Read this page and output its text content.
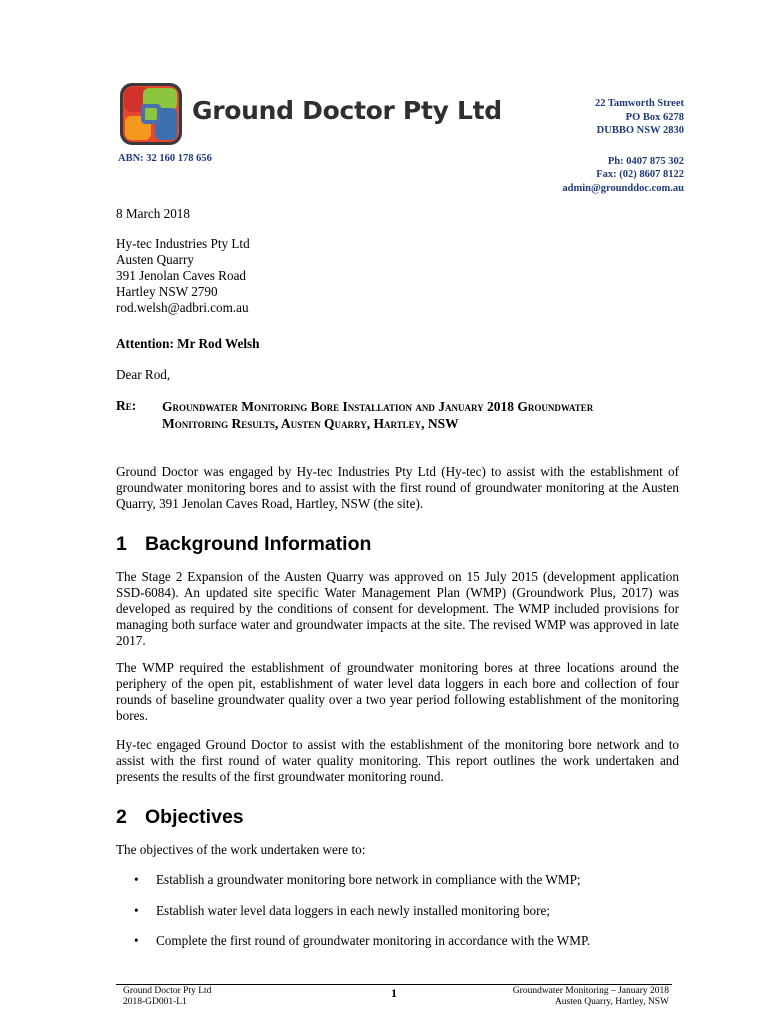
Ground Doctor Pty Ltd
ABN: 32 160 178 656
22 Tamworth Street
PO Box 6278
DUBBO NSW 2830
Ph: 0407 875 302
Fax: (02) 8607 8122
admin@grounddoc.com.au
8 March 2018
Hy-tec Industries Pty Ltd
Austen Quarry
391 Jenolan Caves Road
Hartley NSW 2790
rod.welsh@adbri.com.au
Attention: Mr Rod Welsh
Dear Rod,
Re: Groundwater Monitoring Bore Installation and January 2018 Groundwater Monitoring Results, Austen Quarry, Hartley, NSW
Ground Doctor was engaged by Hy-tec Industries Pty Ltd (Hy-tec) to assist with the establishment of groundwater monitoring bores and to assist with the first round of groundwater monitoring at the Austen Quarry, 391 Jenolan Caves Road, Hartley, NSW (the site).
1 Background Information
The Stage 2 Expansion of the Austen Quarry was approved on 15 July 2015 (development application SSD-6084). An updated site specific Water Management Plan (WMP) (Groundwork Plus, 2017) was developed as required by the conditions of consent for development. The WMP included provisions for managing both surface water and groundwater impacts at the site. The revised WMP was approved in late 2017.
The WMP required the establishment of groundwater monitoring bores at three locations around the periphery of the open pit, establishment of water level data loggers in each bore and collection of four rounds of baseline groundwater quality over a two year period following establishment of the monitoring bores.
Hy-tec engaged Ground Doctor to assist with the establishment of the monitoring bore network and to assist with the first round of water quality monitoring. This report outlines the work undertaken and presents the results of the first groundwater monitoring round.
2 Objectives
The objectives of the work undertaken were to:
• Establish a groundwater monitoring bore network in compliance with the WMP;
• Establish water level data loggers in each newly installed monitoring bore;
• Complete the first round of groundwater monitoring in accordance with the WMP.
Ground Doctor Pty Ltd
2018-GD001-L1
1	Groundwater Monitoring – January 2018
Austen Quarry, Hartley, NSW
